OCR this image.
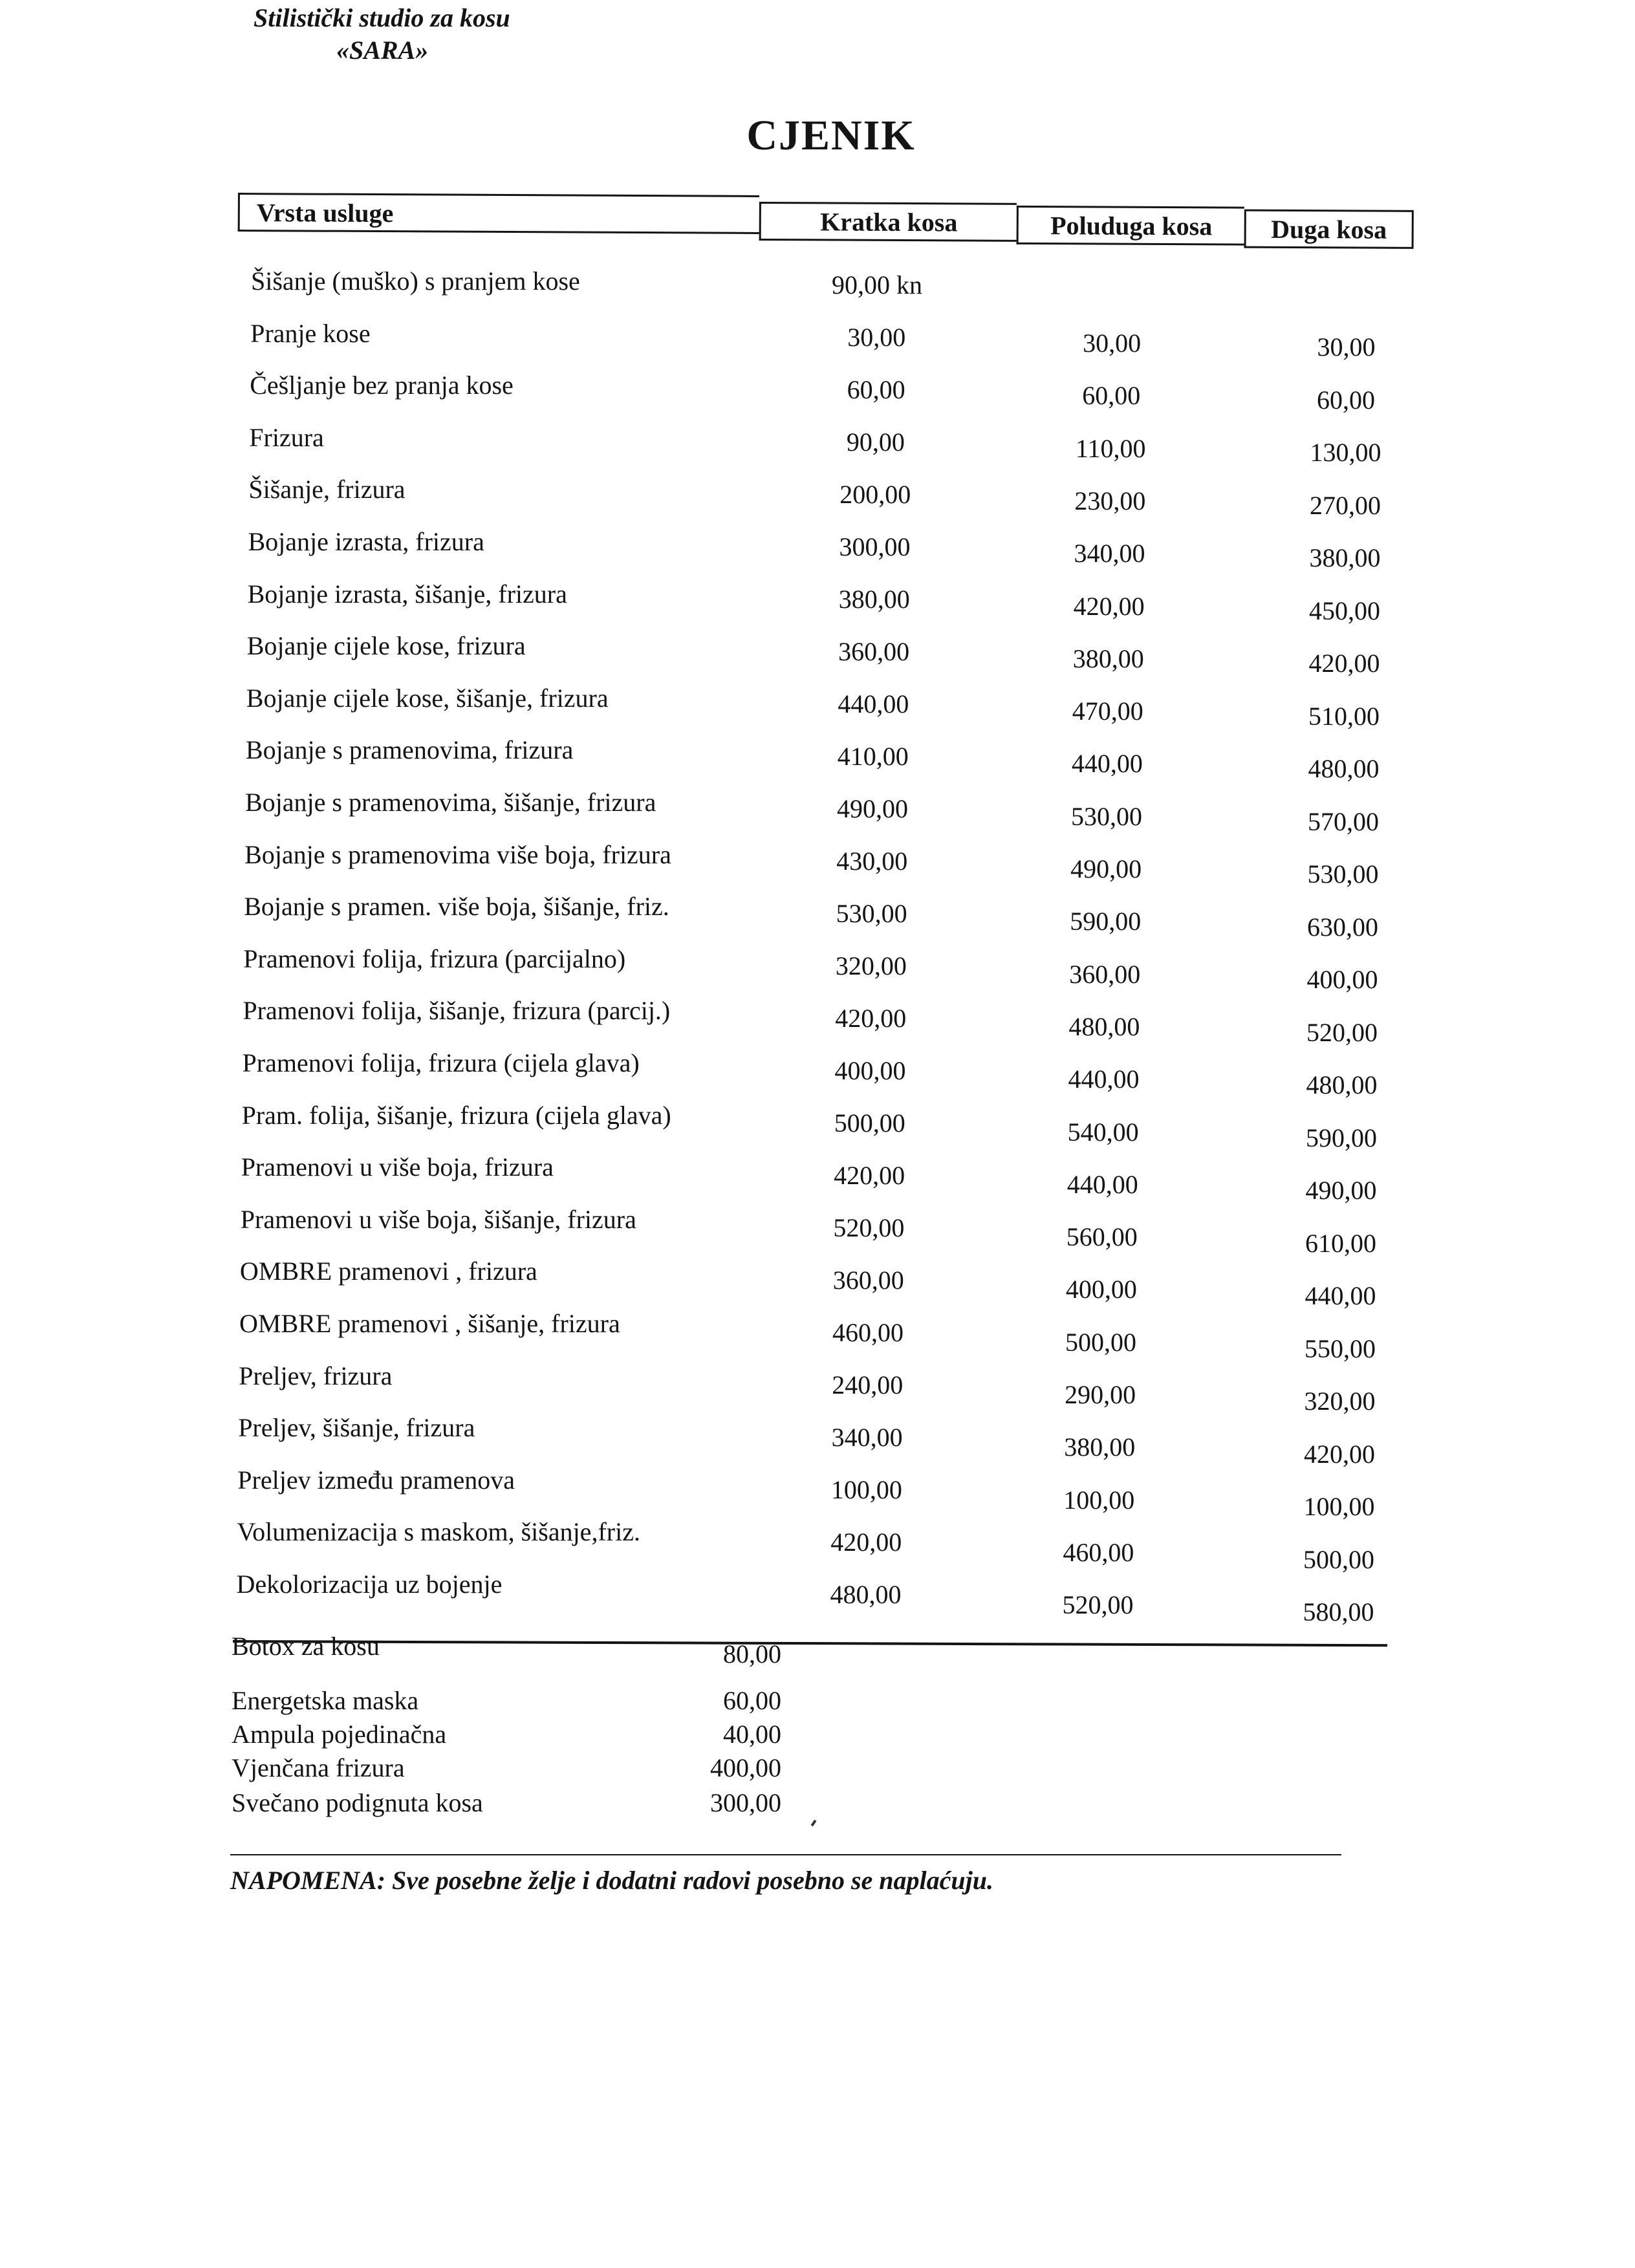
Stilistički studio za kosu
«SARA»
CJENIK
Vrsta usluge	Kratka kosa	Poluduga kosa	Duga kosa
Šišanje (muško) s pranjem kose	90,00 kn
Pranje kose	30,00	30,00	30,00
Češljanje bez pranja kose	60,00	60,00	60,00
Frizura	90,00	110,00	130,00
Šišanje, frizura	200,00	230,00	270,00
Bojanje izrasta, frizura	300,00	340,00	380,00
Bojanje izrasta, šišanje, frizura	380,00	420,00	450,00
Bojanje cijele kose, frizura	360,00	380,00	420,00
Bojanje cijele kose, šišanje, frizura	440,00	470,00	510,00
Bojanje s pramenovima, frizura	410,00	440,00	480,00
Bojanje s pramenovima, šišanje, frizura	490,00	530,00	570,00
Bojanje s pramenovima više boja, frizura	430,00	490,00	530,00
Bojanje s pramen. više boja, šišanje, friz.	530,00	590,00	630,00
Pramenovi folija, frizura (parcijalno)	320,00	360,00	400,00
Pramenovi folija, šišanje, frizura (parcij.)	420,00	480,00	520,00
Pramenovi folija, frizura (cijela glava)	400,00	440,00	480,00
Pram. folija, šišanje, frizura (cijela glava)	500,00	540,00	590,00
Pramenovi u više boja, frizura	420,00	440,00	490,00
Pramenovi u više boja, šišanje, frizura	520,00	560,00	610,00
OMBRE pramenovi , frizura	360,00	400,00	440,00
OMBRE pramenovi , šišanje, frizura	460,00	500,00	550,00
Preljev, frizura	240,00	290,00	320,00
Preljev, šišanje, frizura	340,00	380,00	420,00
Preljev između pramenova	100,00	100,00	100,00
Volumenizacija s maskom, šišanje,friz.	420,00	460,00	500,00
Dekolorizacija uz bojenje	480,00	520,00	580,00
Botox za kosu	80,00
Energetska maska	60,00
Ampula pojedinačna	40,00
Vjenčana frizura	400,00
Svečano podignuta kosa	300,00
NAPOMENA: Sve posebne želje i dodatni radovi posebno se naplaćuju.
